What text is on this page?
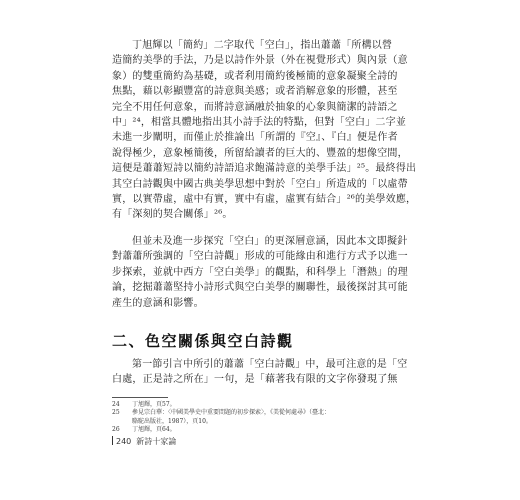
丁旭輝以「簡約」二字取代「空白」，指出蕭蕭「所構以營
造簡約美學的手法，乃是以詩作外景（外在視覺形式）與內景（意
象）的雙重簡約為基礎，或者利用簡約後極簡的意象凝聚全詩的
焦點，藉以彰顯豐富的詩意與美感；或者消解意象的形體，甚至
完全不用任何意象，而將詩意涵融於抽象的心象與簡潔的詩語之
中」²⁴，相當具體地指出其小詩手法的特點，但對「空白」二字並
未進一步闡明，而僅止於推論出「所謂的『空』、『白』便是作者
說得極少，意象極簡後，所留給讀者的巨大的、豐盈的想像空間，
這便是蕭蕭短詩以簡約詩語追求飽滿詩意的美學手法」²⁵。最終得出
其空白詩觀與中國古典美學思想中對於「空白」所造成的「以虛帶
實，以實帶虛，虛中有實，實中有虛，虛實有結合」²⁶的美學效應，
有「深刻的契合關係」²⁶。
但並未及進一步探究「空白」的更深層意涵，因此本文即擬針
對蕭蕭所強調的「空白詩觀」形成的可能緣由和進行方式予以進一
步探索，並就中西方「空白美學」的觀點，和科學上「潛熱」的理
論，挖掘蕭蕭堅持小詩形式與空白美學的關聯性，最後探討其可能
產生的意涵和影響。
二、色空關係與空白詩觀
第一節引言中所引的蕭蕭「空白詩觀」中，最可注意的是「空
白處，正是詩之所在」一句，是「藉著我有限的文字你發現了無
24	丁旭輝，頁57。
25	參見宗白華：〈中國美學史中重要問題的初步探索〉，《美從何處尋》（臺北：
駱駝出版社，1987），頁10。
26	丁旭輝，頁64。
240 新詩十家論
